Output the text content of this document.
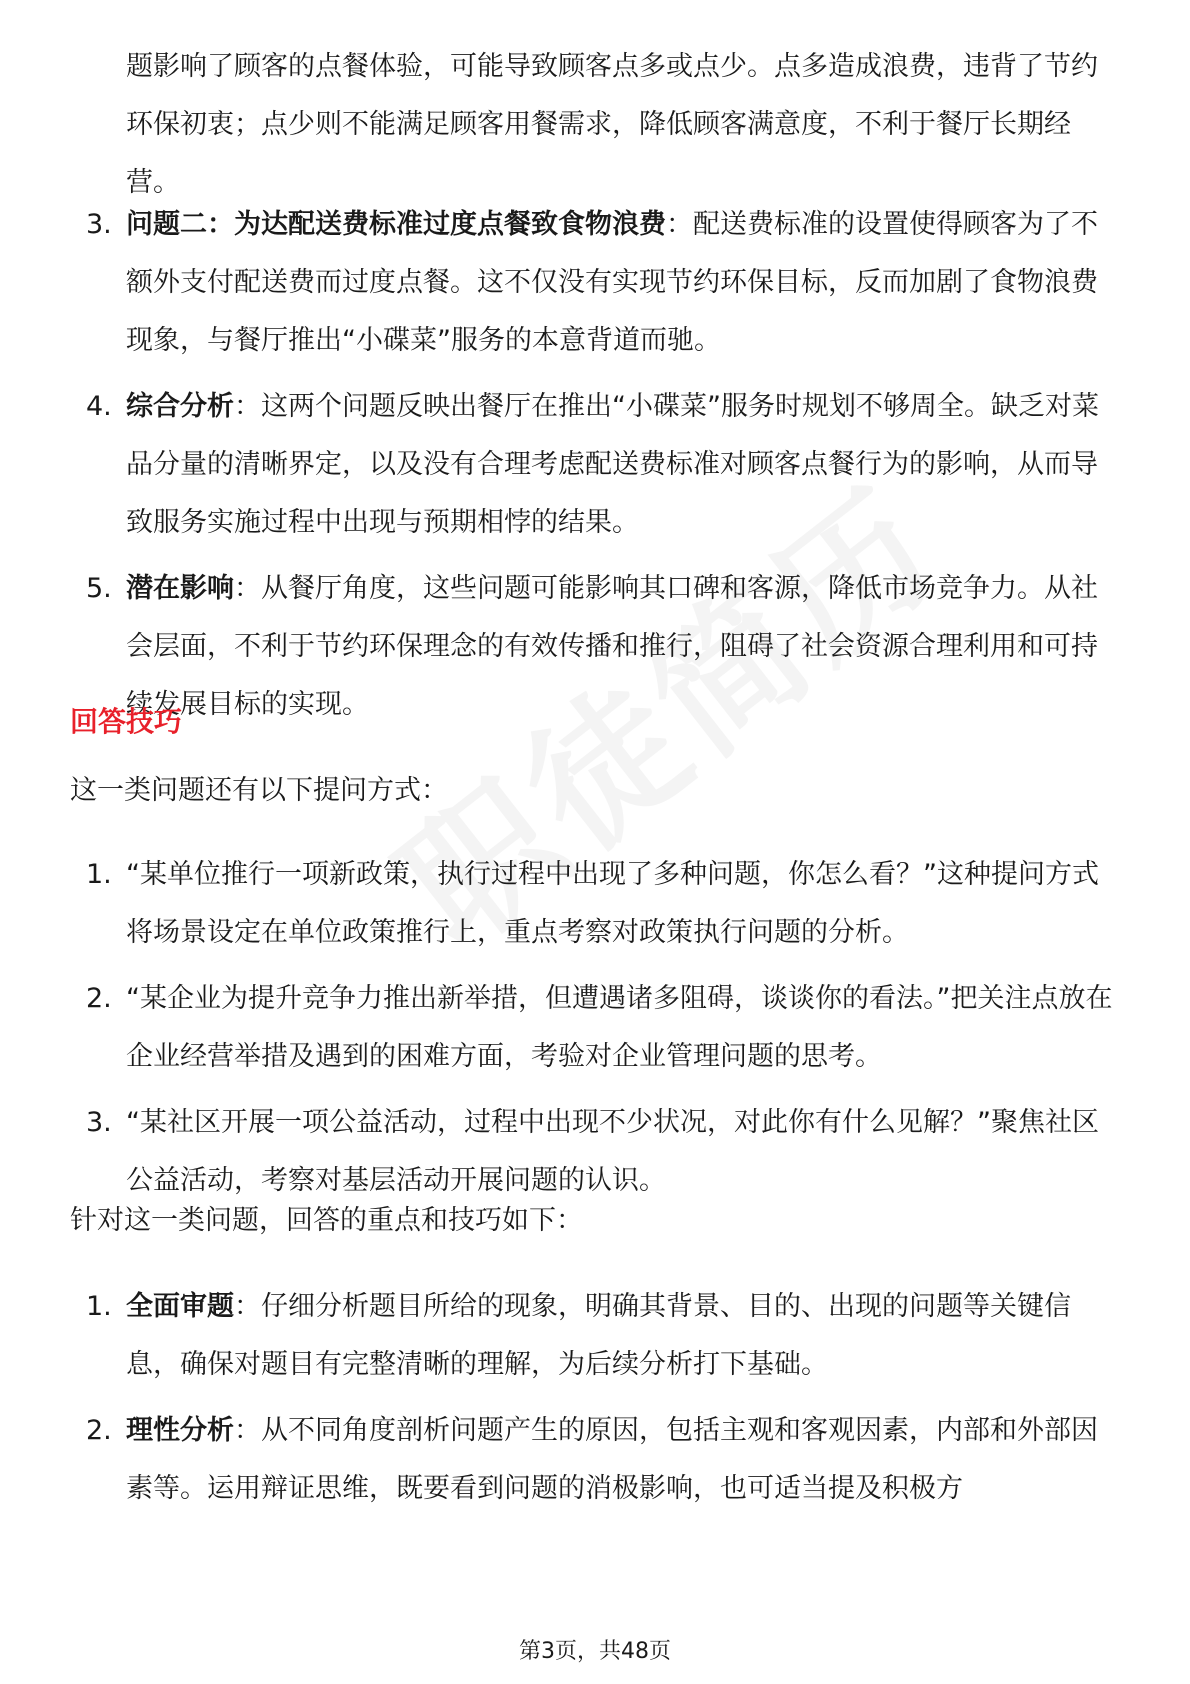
题影响了顾客的点餐体验，可能导致顾客点多或点少。点多造成浪费，违背了节约环保初衷；点少则不能满足顾客用餐需求，降低顾客满意度，不利于餐厅长期经营。

3. 问题二：为达配送费标准过度点餐致食物浪费：配送费标准的设置使得顾客为了不额外支付配送费而过度点餐。这不仅没有实现节约环保目标，反而加剧了食物浪费现象，与餐厅推出“小碟菜”服务的本意背道而驰。
4. 综合分析：这两个问题反映出餐厅在推出“小碟菜”服务时规划不够周全。缺乏对菜品分量的清晰界定，以及没有合理考虑配送费标准对顾客点餐行为的影响，从而导致服务实施过程中出现与预期相悖的结果。
5. 潜在影响：从餐厅角度，这些问题可能影响其口碑和客源，降低市场竞争力。从社会层面，不利于节约环保理念的有效传播和推行，阻碍了社会资源合理利用和可持续发展目标的实现。
回答技巧

这一类问题还有以下提问方式：

1. “某单位推行一项新政策，执行过程中出现了多种问题，你怎么看？”这种提问方式将场景设定在单位政策推行上，重点考察对政策执行问题的分析。
2. “某企业为提升竞争力推出新举措，但遭遇诸多阻碍，谈谈你的看法。”把关注点放在企业经营举措及遇到的困难方面，考验对企业管理问题的思考。
3. “某社区开展一项公益活动，过程中出现不少状况，对此你有什么见解？”聚焦社区公益活动，考察对基层活动开展问题的认识。

针对这一类问题，回答的重点和技巧如下：

1. 全面审题：仔细分析题目所给的现象，明确其背景、目的、出现的问题等关键信息，确保对题目有完整清晰的理解，为后续分析打下基础。
2. 理性分析：从不同角度剖析问题产生的原因，包括主观和客观因素，内部和外部因素等。运用辩证思维，既要看到问题的消极影响，也可适当提及积极方
第3页，共48页
